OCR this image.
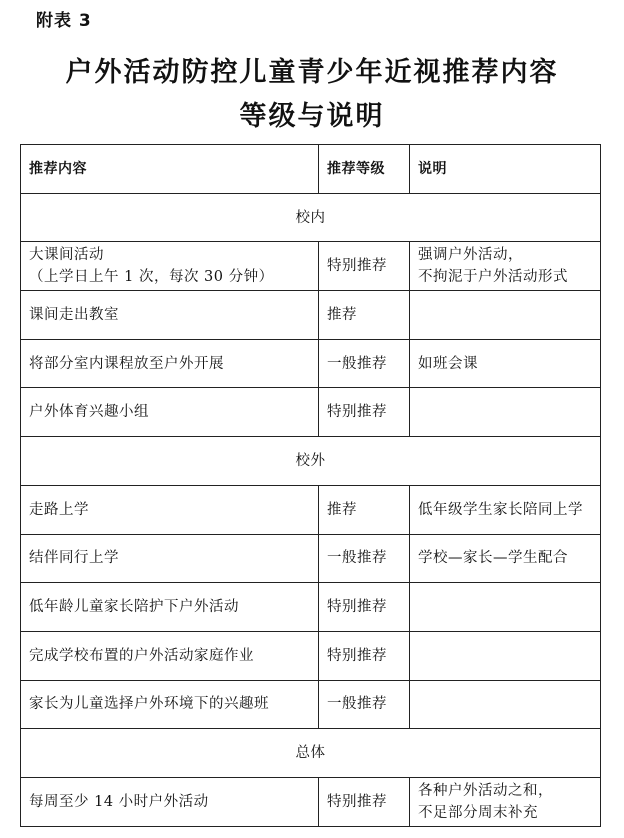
附表 3
户外活动防控儿童青少年近视推荐内容
等级与说明
推荐内容	推荐等级	说明
校内		

大课间活动
（上学日上午 1 次，每次 30 分钟）	特别推荐	强调户外活动，
不拘泥于户外活动形式

课间走出教室	推荐	

将部分室内课程放至户外开展	一般推荐	如班会课

户外体育兴趣小组	特别推荐	
校外		

走路上学	推荐	低年级学生家长陪同上学

结伴同行上学	一般推荐	学校—家长—学生配合

低年龄儿童家长陪护下户外活动	特别推荐	

完成学校布置的户外活动家庭作业	特别推荐	

家长为儿童选择户外环境下的兴趣班	一般推荐	
总体		

每周至少 14 小时户外活动	特别推荐	各种户外活动之和，
不足部分周末补充
